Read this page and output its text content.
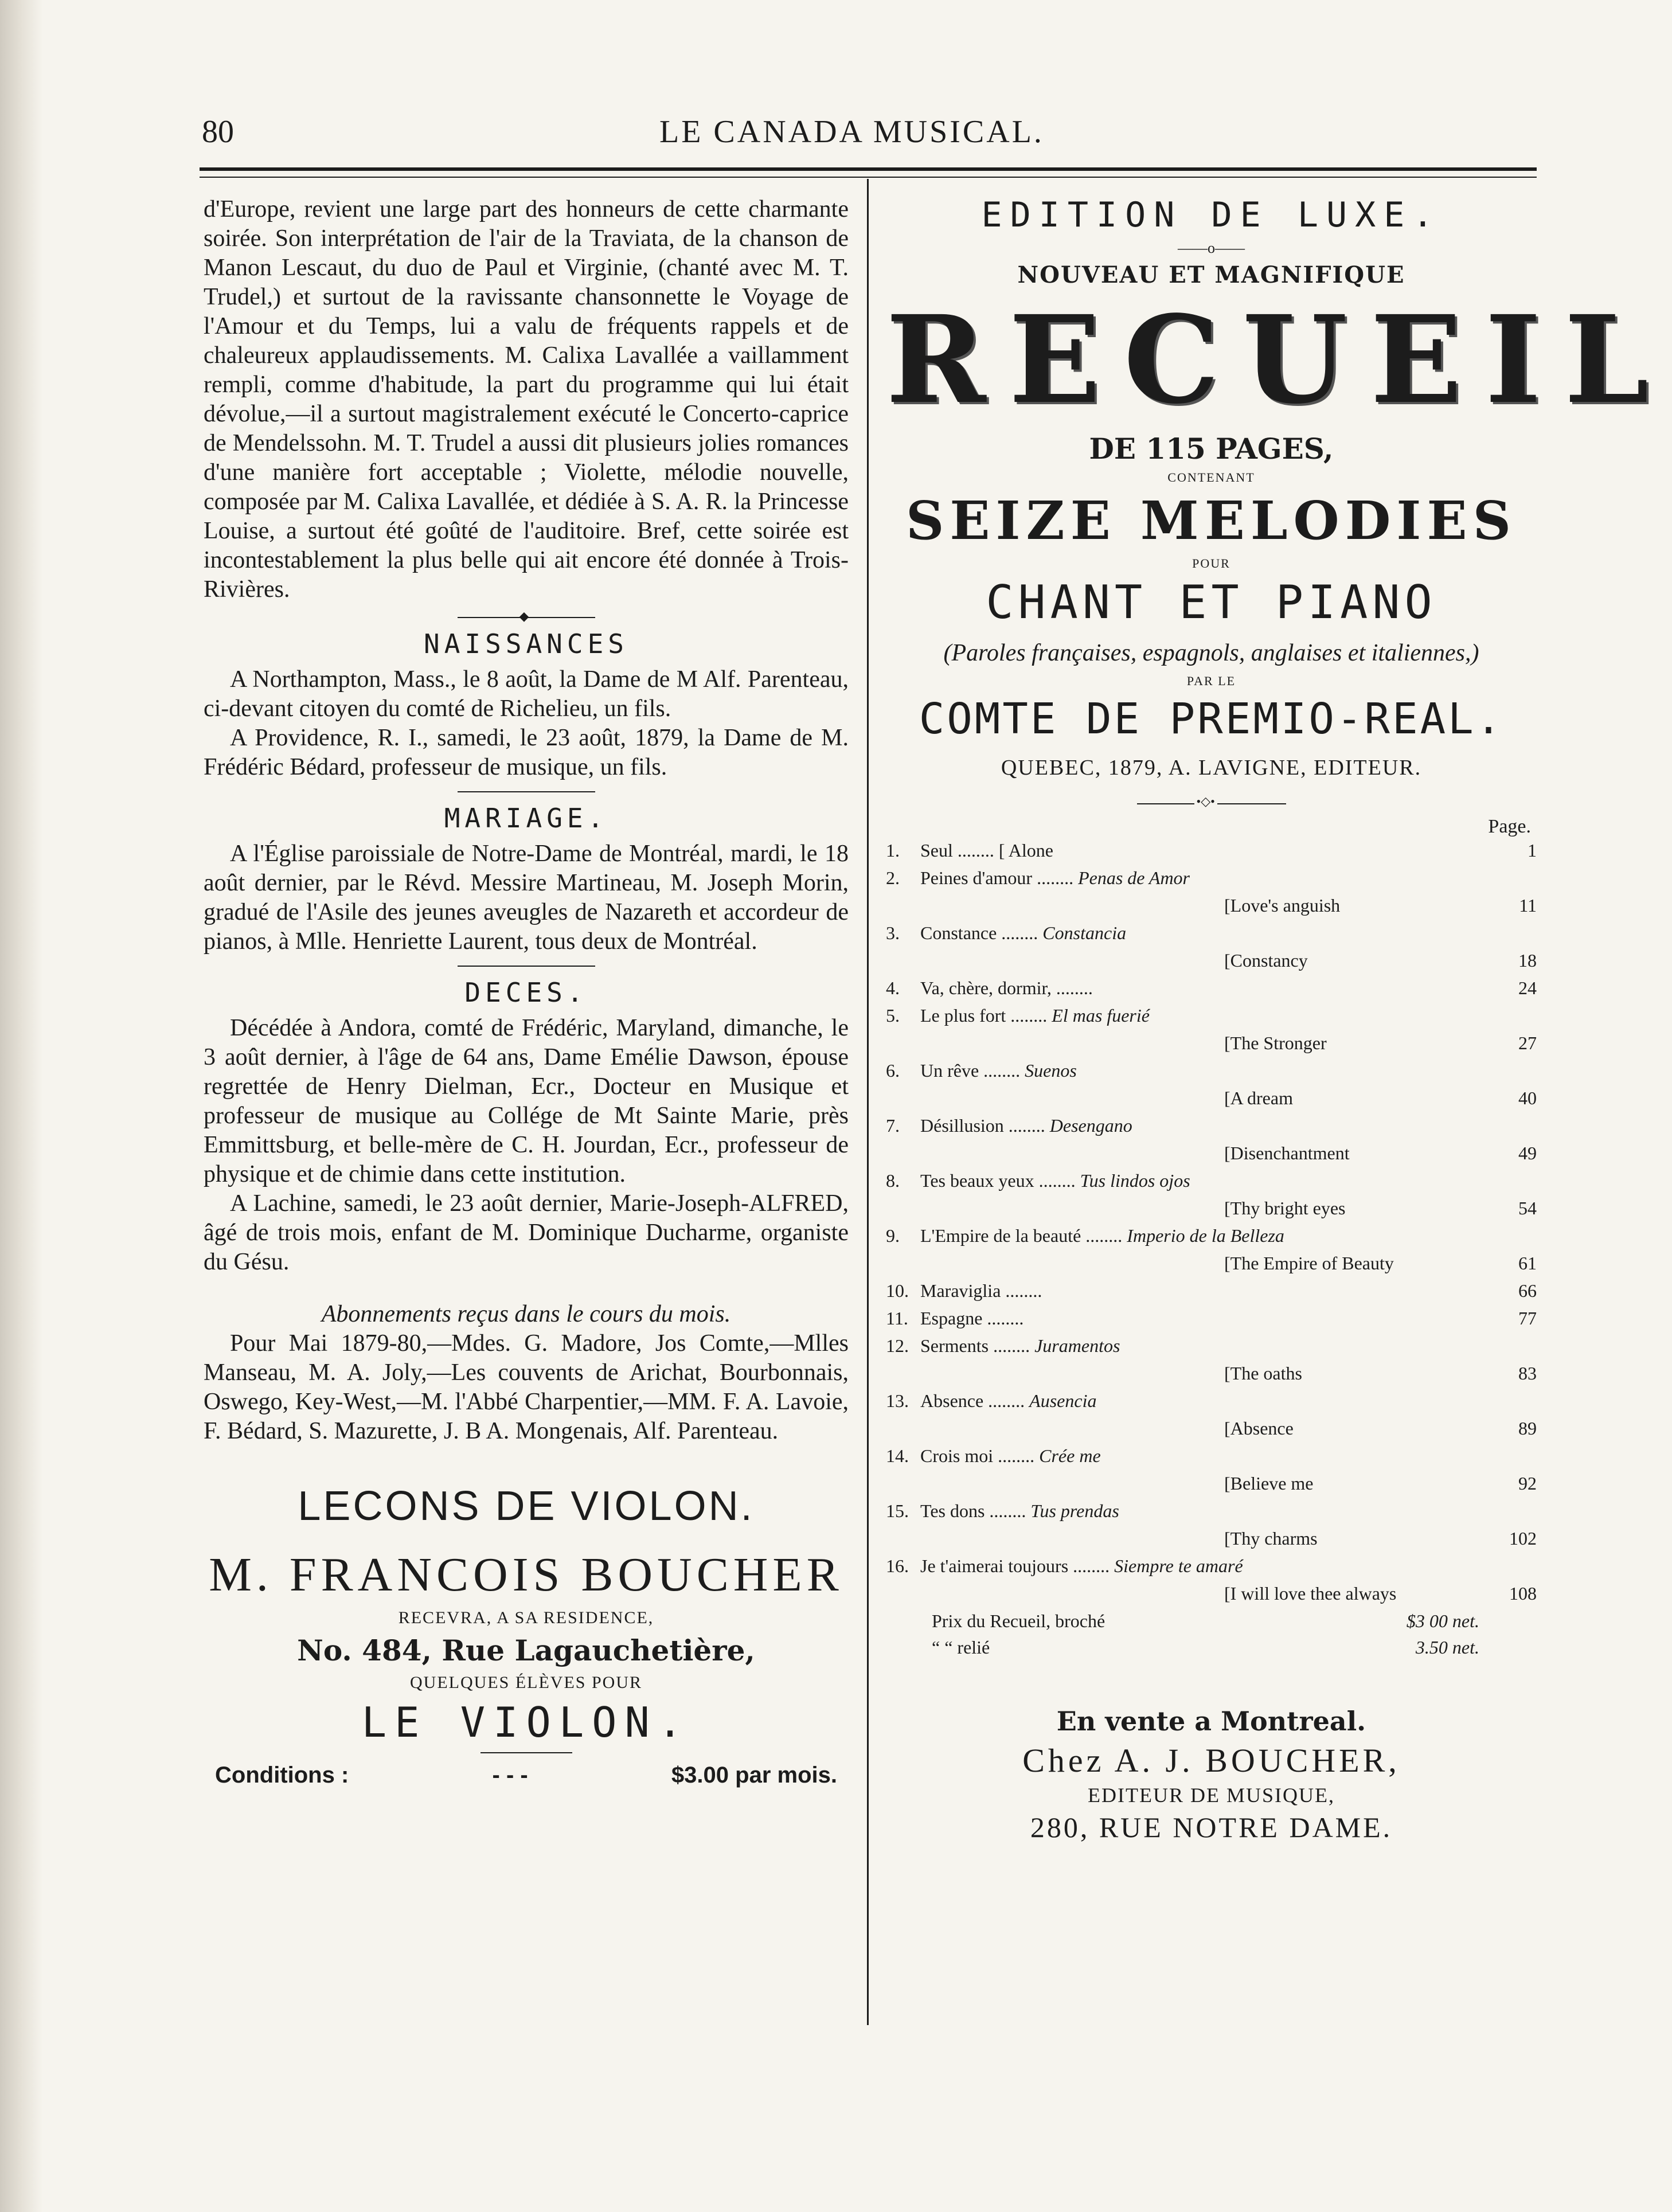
80	LE CANADA MUSICAL.

d'Europe, revient une large part des honneurs de cette charmante soirée. Son interprétation de l'air de la Traviata, de la chanson de Manon Lescaut, du duo de Paul et Virginie, (chanté avec M. T. Trudel,) et surtout de la ravissante chansonnette le Voyage de l'Amour et du Temps, lui a valu de fréquents rappels et de chaleureux applaudissements. M. Calixa Lavallée a vaillamment rempli, comme d'habitude, la part du programme qui lui était dévolue,—il a surtout magistralement exécuté le Concerto-caprice de Mendelssohn. M. T. Trudel a aussi dit plusieurs jolies romances d'une manière fort acceptable ; Violette, mélodie nouvelle, composée par M. Calixa Lavallée, et dédiée à S. A. R. la Princesse Louise, a surtout été goûté de l'auditoire. Bref, cette soirée est incontestablement la plus belle qui ait encore été donnée à Trois-Rivières.

◆
NAISSANCES

A Northampton, Mass., le 8 août, la Dame de M Alf. Parenteau, ci-devant citoyen du comté de Richelieu, un fils.

A Providence, R. I., samedi, le 23 août, 1879, la Dame de M. Frédéric Bédard, professeur de musique, un fils.

MARIAGE.

A l'Église paroissiale de Notre-Dame de Montréal, mardi, le 18 août dernier, par le Révd. Messire Martineau, M. Joseph Morin, gradué de l'Asile des jeunes aveugles de Nazareth et accordeur de pianos, à Mlle. Henriette Laurent, tous deux de Montréal.

DECES.

Décédée à Andora, comté de Frédéric, Maryland, dimanche, le 3 août dernier, à l'âge de 64 ans, Dame Emélie Dawson, épouse regrettée de Henry Dielman, Ecr., Docteur en Musique et professeur de musique au Collége de Mt Sainte Marie, près Emmittsburg, et belle-mère de C. H. Jourdan, Ecr., professeur de physique et de chimie dans cette institution.

A Lachine, samedi, le 23 août dernier, Marie-Joseph-ALFRED, âgé de trois mois, enfant de M. Dominique Ducharme, organiste du Gésu.

Abonnements reçus dans le cours du mois.

Pour Mai 1879-80,—Mdes. G. Madore, Jos Comte,—Mlles Manseau, M. A. Joly,—Les couvents de Arichat, Bourbonnais, Oswego, Key-West,—M. l'Abbé Charpentier,—MM. F. A. Lavoie, F. Bédard, S. Mazurette, J. B A. Mongenais, Alf. Parenteau.

LECONS DE VIOLON.
M. FRANCOIS BOUCHER
RECEVRA, A SA RESIDENCE,
No. 484, Rue Lagauchetière,
QUELQUES ÉLÈVES POUR
LE VIOLON.
Conditions :	- - -	$3.00 par mois.
EDITION DE LUXE.
——o——
NOUVEAU ET MAGNIFIQUE
RECUEIL
DE 115 PAGES,
CONTENANT
SEIZE MELODIES
POUR
CHANT ET PIANO

(Paroles françaises, espagnols, anglaises et italiennes,)

PAR LE
COMTE DE PREMIO-REAL.
QUEBEC, 1879, A. LAVIGNE, EDITEUR.
•◇•
Page.
1.	Seul ........ [ Alone	1
2.	Peines d'amour ........ Penas de Amor
[Love's anguish	11
3.	Constance ........ Constancia
[Constancy	18
4.	Va, chère, dormir, ........	24
5.	Le plus fort ........ El mas fuerié
[The Stronger	27
6.	Un rêve ........ Suenos
[A dream	40
7.	Désillusion ........ Desengano
[Disenchantment	49
8.	Tes beaux yeux ........ Tus lindos ojos
[Thy bright eyes	54
9.	L'Empire de la beauté ........ Imperio de la Belleza
[The Empire of Beauty	61
10. Maraviglia ........	66
11. Espagne ........	77
12. Serments ........ Juramentos
[The oaths	83
13. Absence ........ Ausencia
[Absence	89
14. Crois moi ........ Crée me
[Believe me	92
15. Tes dons ........ Tus prendas
[Thy charms	102
16. Je t'aimerai toujours ........ Siempre te amaré
[I will love thee always	108
Prix du Recueil, broché	$3 00 net.
“ “ relié	3.50 net.
En vente a Montreal.
Chez A. J. BOUCHER,
EDITEUR DE MUSIQUE,
280, RUE NOTRE DAME.
